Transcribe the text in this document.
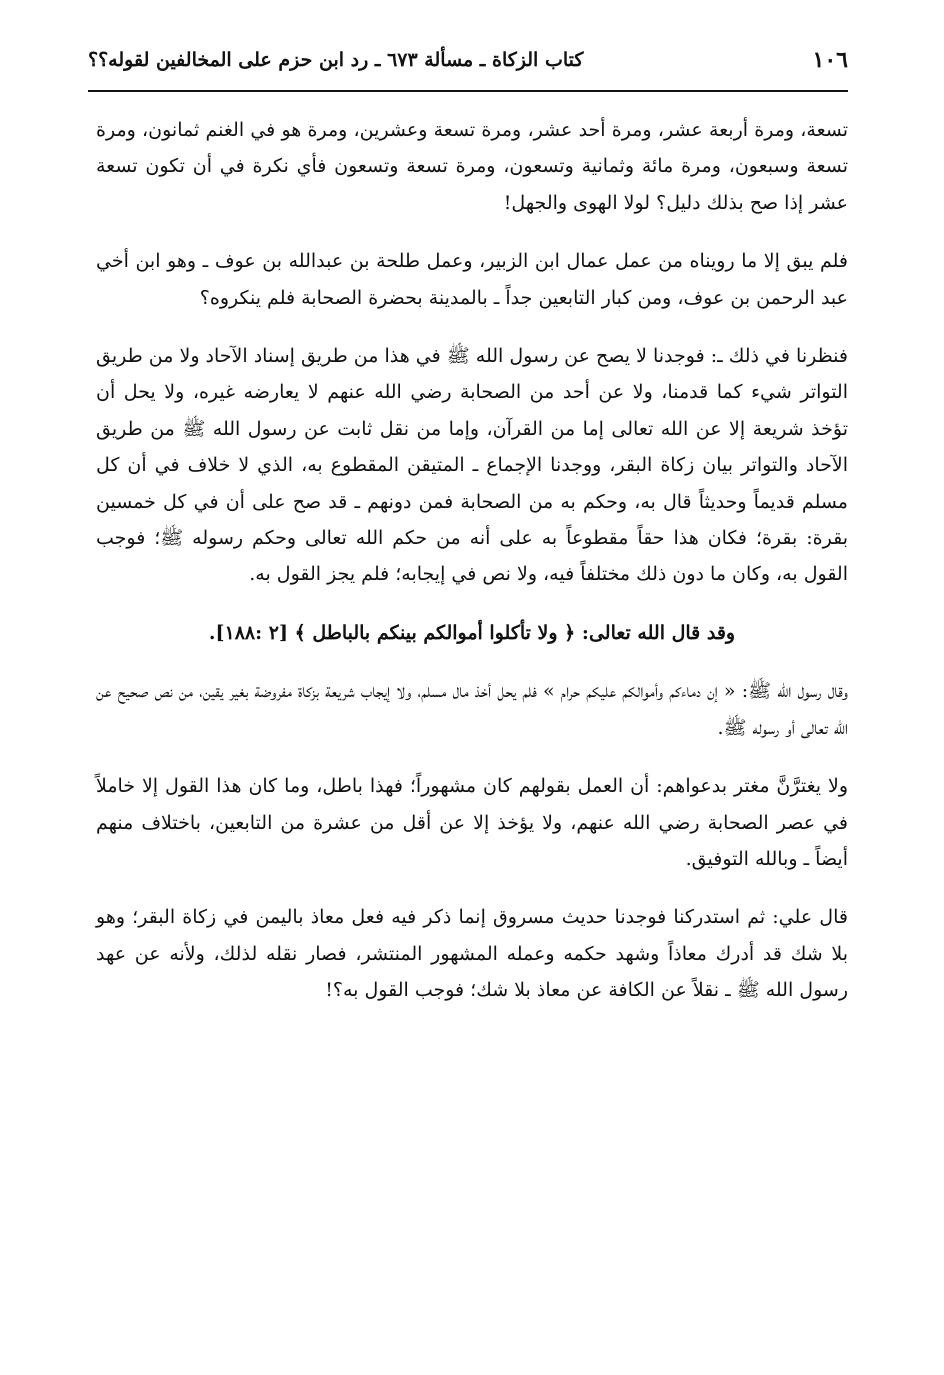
١٠٦
كتاب الزكاة ـ مسألة ٦٧٣ ـ رد ابن حزم على المخالفين لقوله؟؟

تسعة، ومرة أربعة عشر، ومرة أحد عشر، ومرة تسعة وعشرين، ومرة هو في الغنم ثمانون، ومرة تسعة وسبعون، ومرة مائة وثمانية وتسعون، ومرة تسعة وتسعون فأي نكرة في أن تكون تسعة عشر إذا صح بذلك دليل؟ لولا الهوى والجهل!

فلم يبق إلا ما رويناه من عمل عمال ابن الزبير، وعمل طلحة بن عبدالله بن عوف ـ وهو ابن أخي عبد الرحمن بن عوف، ومن كبار التابعين جداً ـ بالمدينة بحضرة الصحابة فلم ينكروه؟

فنظرنا في ذلك ـ: فوجدنا لا يصح عن رسول الله ﷺ في هذا من طريق إسناد الآحاد ولا من طريق التواتر شيء كما قدمنا، ولا عن أحد من الصحابة رضي الله عنهم لا يعارضه غيره، ولا يحل أن تؤخذ شريعة إلا عن الله تعالى إما من القرآن، وإما من نقل ثابت عن رسول الله ﷺ من طريق الآحاد والتواتر بيان زكاة البقر، ووجدنا الإجماع ـ المتيقن المقطوع به، الذي لا خلاف في أن كل مسلم قديماً وحديثاً قال به، وحكم به من الصحابة فمن دونهم ـ قد صح على أن في كل خمسين بقرة: بقرة؛ فكان هذا حقاً مقطوعاً به على أنه من حكم الله تعالى وحكم رسوله ﷺ؛ فوجب القول به، وكان ما دون ذلك مختلفاً فيه، ولا نص في إيجابه؛ فلم يجز القول به.

وقد قال الله تعالى: ﴿ ولا تأكلوا أموالكم بينكم بالباطل ﴾ [٢ :١٨٨].

وقال رسول الله ﷺ: « إن دماءكم وأموالكم عليكم حرام » فلم يحل أخذ مال مسلم، ولا إيجاب شريعة بزكاة مفروضة بغير يقين، من نص صحيح عن الله تعالى أو رسوله ﷺ.

ولا يغترَّنَّ مغتر بدعواهم: أن العمل بقولهم كان مشهوراً؛ فهذا باطل، وما كان هذا القول إلا خاملاً في عصر الصحابة رضي الله عنهم، ولا يؤخذ إلا عن أقل من عشرة من التابعين، باختلاف منهم أيضاً ـ وبالله التوفيق.

قال علي: ثم استدركنا فوجدنا حديث مسروق إنما ذكر فيه فعل معاذ باليمن في زكاة البقر؛ وهو بلا شك قد أدرك معاذاً وشهد حكمه وعمله المشهور المنتشر، فصار نقله لذلك، ولأنه عن عهد رسول الله ﷺ ـ نقلاً عن الكافة عن معاذ بلا شك؛ فوجب القول به؟!
